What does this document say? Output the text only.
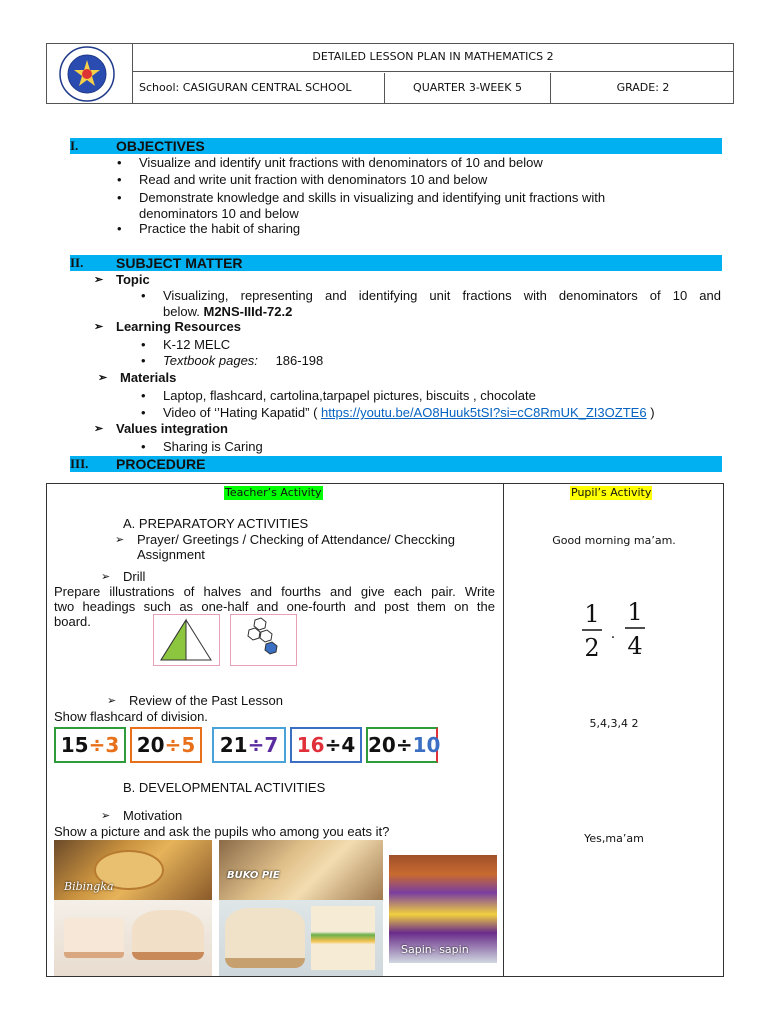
DETAILED LESSON PLAN IN MATHEMATICS 2
School: CASIGURAN CENTRAL SCHOOL	QUARTER 3-WEEK 5	GRADE: 2
I.	OBJECTIVES
• Visualize and identify unit fractions with denominators of 10 and below
• Read and write unit fraction with denominators 10 and below
• Demonstrate knowledge and skills in visualizing and identifying unit fractions with
denominators 10 and below
• Practice the habit of sharing
II. SUBJECT MATTER
➢ Topic
• Visualizing, representing and identifying unit fractions with denominators of 10 and
below. M2NS-IIId-72.2
➢ Learning Resources
• K-12 MELC
• Textbook pages: 186-198
➢ Materials
• Laptop, flashcard, cartolina,tarpapel pictures, biscuits , chocolate
• Video of ‘’Hating Kapatid” ( https://youtu.be/AO8Huuk5tSI?si=cC8RmUK_ZI3OZTE6 )
➢ Values integration
• Sharing is Caring
III. PROCEDURE
Teacher’s Activity	Pupil’s Activity
A. PREPARATORY ACTIVITIES
➢ Prayer/ Greetings / Checking of Attendance/ Checcking
Assignment
➢ Drill
Prepare illustrations of halves and fourths and give each pair. Write
two headings such as one-half and one-fourth and post them on the
board.
➢ Review of the Past Lesson
Show flashcard of division.
15÷3 20÷5	21÷7 16÷4 20÷10
B. DEVELOPMENTAL ACTIVITIES
➢ Motivation
Show a picture and ask the pupils who among you eats it?
Bibingka
BUKO PIE
Sapin- sapin
Good morning ma’am.
1
2 .
1
4
5,4,3,4 2
Yes,ma’am
